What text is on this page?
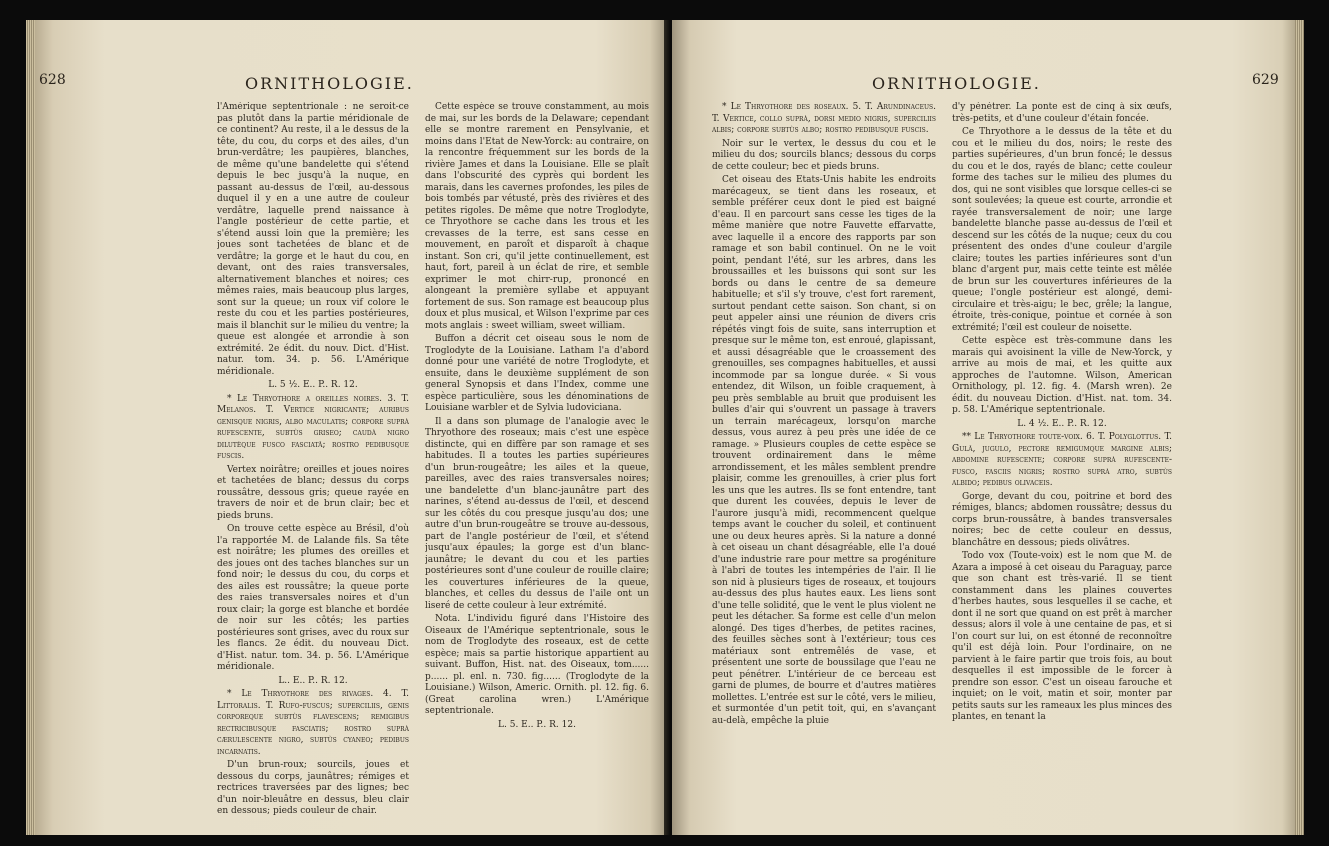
628	ORNITHOLOGIE.

l'Amérique septentrionale : ne seroit-ce pas plutôt dans la partie méridionale de ce continent? Au reste, il a le dessus de la tête, du cou, du corps et des ailes, d'un brun-verdâtre; les paupières, blanches, de même qu'une bandelette qui s'étend depuis le bec jusqu'à la nuque, en passant au-dessus de l'œil, au-dessous duquel il y en a une autre de couleur verdâtre, laquelle prend naissance à l'angle postérieur de cette partie, et s'étend aussi loin que la première; les joues sont tachetées de blanc et de verdâtre; la gorge et le haut du cou, en devant, ont des raies transversales, alternativement blanches et noires; ces mêmes raies, mais beaucoup plus larges, sont sur la queue; un roux vif colore le reste du cou et les parties postérieures, mais il blanchit sur le milieu du ventre; la queue est alongée et arrondie à son extrémité. 2e édit. du nouv. Dict. d'Hist. natur. tom. 34. p. 56. L'Amérique méridionale.

L. 5 ½. E.. P.. R. 12.

* Le Thryothore a oreilles noires. 3. T. Melanos. T. Vertice nigricante; auribus genisque nigris, albo maculatis; corpore suprà rufescente, subtùs griseo; caudà nigro dilutèque fusco fasciatâ; rostro pedibusque fuscis.

Vertex noirâtre; oreilles et joues noires et tachetées de blanc; dessus du corps roussâtre, dessous gris; queue rayée en travers de noir et de brun clair; bec et pieds bruns.

On trouve cette espèce au Brésil, d'où l'a rapportée M. de Lalande fils. Sa tête est noirâtre; les plumes des oreilles et des joues ont des taches blanches sur un fond noir; le dessus du cou, du corps et des ailes est roussâtre; la queue porte des raies transversales noires et d'un roux clair; la gorge est blanche et bordée de noir sur les côtés; les parties postérieures sont grises, avec du roux sur les flancs. 2e édit. du nouveau Dict. d'Hist. natur. tom. 34. p. 56. L'Amérique méridionale.

L.. E.. P.. R. 12.

* Le Thryothore des rivages. 4. T. Littoralis. T. Rufo-fuscus; superciliis, genis corporeque subtùs flavescens; remigibus rectricibusque fasciatis; rostro suprà cærulescente nigro, subtùs cyaneo; pedibus incarnatis.

D'un brun-roux; sourcils, joues et dessous du corps, jaunâtres; rémiges et rectrices traversées par des lignes; bec d'un noir-bleuâtre en dessus, bleu clair en dessous; pieds couleur de chair.

Cette espèce se trouve constamment, au mois de mai, sur les bords de la Delaware; cependant elle se montre rarement en Pensylvanie, et moins dans l'Etat de New-Yorck: au contraire, on la rencontre fréquemment sur les bords de la rivière James et dans la Louisiane. Elle se plaît dans l'obscurité des cyprès qui bordent les marais, dans les cavernes profondes, les piles de bois tombés par vétusté, près des rivières et des petites rigoles. De même que notre Troglodyte, ce Thryothore se cache dans les trous et les crevasses de la terre, est sans cesse en mouvement, en paroît et disparoît à chaque instant. Son cri, qu'il jette continuellement, est haut, fort, pareil à un éclat de rire, et semble exprimer le mot chirr-rup, prononcé en alongeant la première syllabe et appuyant fortement de sus. Son ramage est beaucoup plus doux et plus musical, et Wilson l'exprime par ces mots anglais : sweet william, sweet william.

Buffon a décrit cet oiseau sous le nom de Troglodyte de la Louisiane. Latham l'a d'abord donné pour une variété de notre Troglodyte, et ensuite, dans le deuxième supplément de son general Synopsis et dans l'Index, comme une espèce particulière, sous les dénominations de Louisiane warbler et de Sylvia ludoviciana.

Il a dans son plumage de l'analogie avec le Thryothore des roseaux; mais c'est une espèce distincte, qui en diffère par son ramage et ses habitudes. Il a toutes les parties supérieures d'un brun-rougeâtre; les ailes et la queue, pareilles, avec des raies transversales noires; une bandelette d'un blanc-jaunâtre part des narines, s'étend au-dessus de l'œil, et descend sur les côtés du cou presque jusqu'au dos; une autre d'un brun-rougeâtre se trouve au-dessous, part de l'angle postérieur de l'œil, et s'étend jusqu'aux épaules; la gorge est d'un blanc-jaunâtre; le devant du cou et les parties postérieures sont d'une couleur de rouille claire; les couvertures inférieures de la queue, blanches, et celles du dessus de l'aile ont un liseré de cette couleur à leur extrémité.

Nota. L'individu figuré dans l'Histoire des Oiseaux de l'Amérique septentrionale, sous le nom de Troglodyte des roseaux, est de cette espèce; mais sa partie historique appartient au suivant. Buffon, Hist. nat. des Oiseaux, tom...... p...... pl. enl. n. 730. fig...... (Troglodyte de la Louisiane.) Wilson, Americ. Ornith. pl. 12. fig. 6. (Great carolina wren.) L'Amérique septentrionale.

L. 5. E.. P.. R. 12.

ORNITHOLOGIE.	629

* Le Thryothore des roseaux. 5. T. Arundinaceus. T. Vertice, collo suprà, dorsi medio nigris, superciliis albis; corpore subtùs albo; rostro pedibusque fuscis.

Noir sur le vertex, le dessus du cou et le milieu du dos; sourcils blancs; dessous du corps de cette couleur; bec et pieds bruns.

Cet oiseau des Etats-Unis habite les endroits marécageux, se tient dans les roseaux, et semble préférer ceux dont le pied est baigné d'eau. Il en parcourt sans cesse les tiges de la même manière que notre Fauvette effarvatte, avec laquelle il a encore des rapports par son ramage et son babil continuel. On ne le voit point, pendant l'été, sur les arbres, dans les broussailles et les buissons qui sont sur les bords ou dans le centre de sa demeure habituelle; et s'il s'y trouve, c'est fort rarement, surtout pendant cette saison. Son chant, si on peut appeler ainsi une réunion de divers cris répétés vingt fois de suite, sans interruption et presque sur le même ton, est enroué, glapissant, et aussi désagréable que le croassement des grenouilles, ses compagnes habituelles, et aussi incommode par sa longue durée. « Si vous entendez, dit Wilson, un foible craquement, à peu près semblable au bruit que produisent les bulles d'air qui s'ouvrent un passage à travers un terrain marécageux, lorsqu'on marche dessus, vous aurez à peu près une idée de ce ramage. » Plusieurs couples de cette espèce se trouvent ordinairement dans le même arrondissement, et les mâles semblent prendre plaisir, comme les grenouilles, à crier plus fort les uns que les autres. Ils se font entendre, tant que durent les couvées, depuis le lever de l'aurore jusqu'à midi, recommencent quelque temps avant le coucher du soleil, et continuent une ou deux heures après. Si la nature a donné à cet oiseau un chant désagréable, elle l'a doué d'une industrie rare pour mettre sa progéniture à l'abri de toutes les intempéries de l'air. Il lie son nid à plusieurs tiges de roseaux, et toujours au-dessus des plus hautes eaux. Les liens sont d'une telle solidité, que le vent le plus violent ne peut les détacher. Sa forme est celle d'un melon alongé. Des tiges d'herbes, de petites racines, des feuilles sèches sont à l'extérieur; tous ces matériaux sont entremêlés de vase, et présentent une sorte de boussilage que l'eau ne peut pénétrer. L'intérieur de ce berceau est garni de plumes, de bourre et d'autres matières mollettes. L'entrée est sur le côté, vers le milieu, et surmontée d'un petit toit, qui, en s'avançant au-delà, empêche la pluie

d'y pénétrer. La ponte est de cinq à six œufs, très-petits, et d'une couleur d'étain foncée.

Ce Thryothore a le dessus de la tête et du cou et le milieu du dos, noirs; le reste des parties supérieures, d'un brun foncé; le dessus du cou et le dos, rayés de blanc; cette couleur forme des taches sur le milieu des plumes du dos, qui ne sont visibles que lorsque celles-ci se sont soulevées; la queue est courte, arrondie et rayée transversalement de noir; une large bandelette blanche passe au-dessus de l'œil et descend sur les côtés de la nuque; ceux du cou présentent des ondes d'une couleur d'argile claire; toutes les parties inférieures sont d'un blanc d'argent pur, mais cette teinte est mêlée de brun sur les couvertures inférieures de la queue; l'ongle postérieur est alongé, demi-circulaire et très-aigu; le bec, grêle; la langue, étroite, très-conique, pointue et cornée à son extrémité; l'œil est couleur de noisette.

Cette espèce est très-commune dans les marais qui avoisinent la ville de New-Yorck, y arrive au mois de mai, et les quitte aux approches de l'automne. Wilson, American Ornithology, pl. 12. fig. 4. (Marsh wren). 2e édit. du nouveau Diction. d'Hist. nat. tom. 34. p. 58. L'Amérique septentrionale.

L. 4 ½. E.. P.. R. 12.

** Le Thryothore toute-voix. 6. T. Polyglottus. T. Gulâ, jugulo, pectore remigumque margine albis; abdomine rufescente; corpore suprà rufescente-fusco, fasciis nigris; rostro suprà atro, subtùs albido; pedibus olivaceis.

Gorge, devant du cou, poitrine et bord des rémiges, blancs; abdomen roussâtre; dessus du corps brun-roussâtre, à bandes transversales noires; bec de cette couleur en dessus, blanchâtre en dessous; pieds olivâtres.

Todo vox (Toute-voix) est le nom que M. de Azara a imposé à cet oiseau du Paraguay, parce que son chant est très-varié. Il se tient constamment dans les plaines couvertes d'herbes hautes, sous lesquelles il se cache, et dont il ne sort que quand on est prêt à marcher dessus; alors il vole à une centaine de pas, et si l'on court sur lui, on est étonné de reconnoître qu'il est déjà loin. Pour l'ordinaire, on ne parvient à le faire partir que trois fois, au bout desquelles il est impossible de le forcer à prendre son essor. C'est un oiseau farouche et inquiet; on le voit, matin et soir, monter par petits sauts sur les rameaux les plus minces des plantes, en tenant la
